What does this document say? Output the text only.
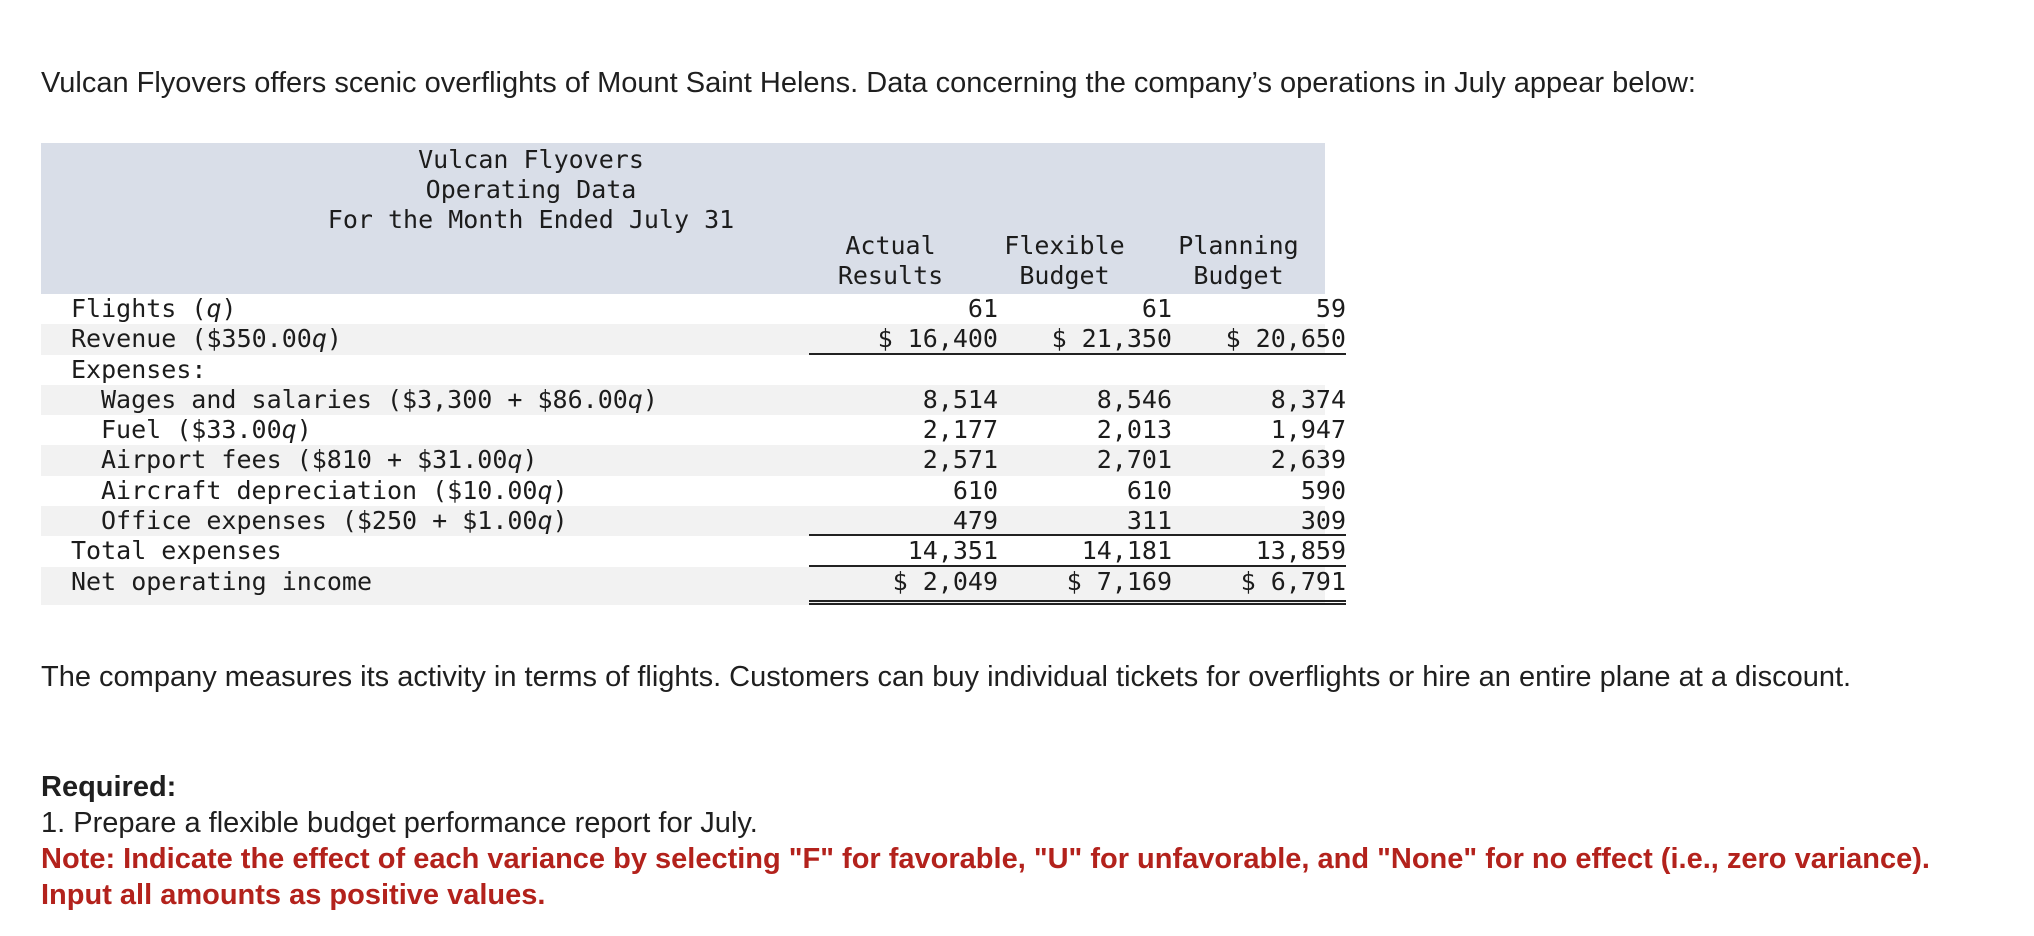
Vulcan Flyovers offers scenic overflights of Mount Saint Helens. Data concerning the company’s operations in July appear below:

Vulcan Flyovers
Operating Data
For the Month Ended July 31
Actual
Results
Flexible
Budget
Planning
Budget
Flights (q)	61	61	59
Revenue ($350.00q)	$ 16,400	$ 21,350	$ 20,650
Expenses:
Wages and salaries ($3,300 + $86.00q)	8,514	8,546	8,374
Fuel ($33.00q)	2,177	2,013	1,947
Airport fees ($810 + $31.00q)	2,571	2,701	2,639
Aircraft depreciation ($10.00q)	610	610	590
Office expenses ($250 + $1.00q)	479	311	309
Total expenses	14,351	14,181	13,859
Net operating income	$ 2,049	$ 7,169	$ 6,791

The company measures its activity in terms of flights. Customers can buy individual tickets for overflights or hire an entire plane at a discount.

Required:

1. Prepare a flexible budget performance report for July.

Note: Indicate the effect of each variance by selecting "F" for favorable, "U" for unfavorable, and "None" for no effect (i.e., zero variance). Input all amounts as positive values.
